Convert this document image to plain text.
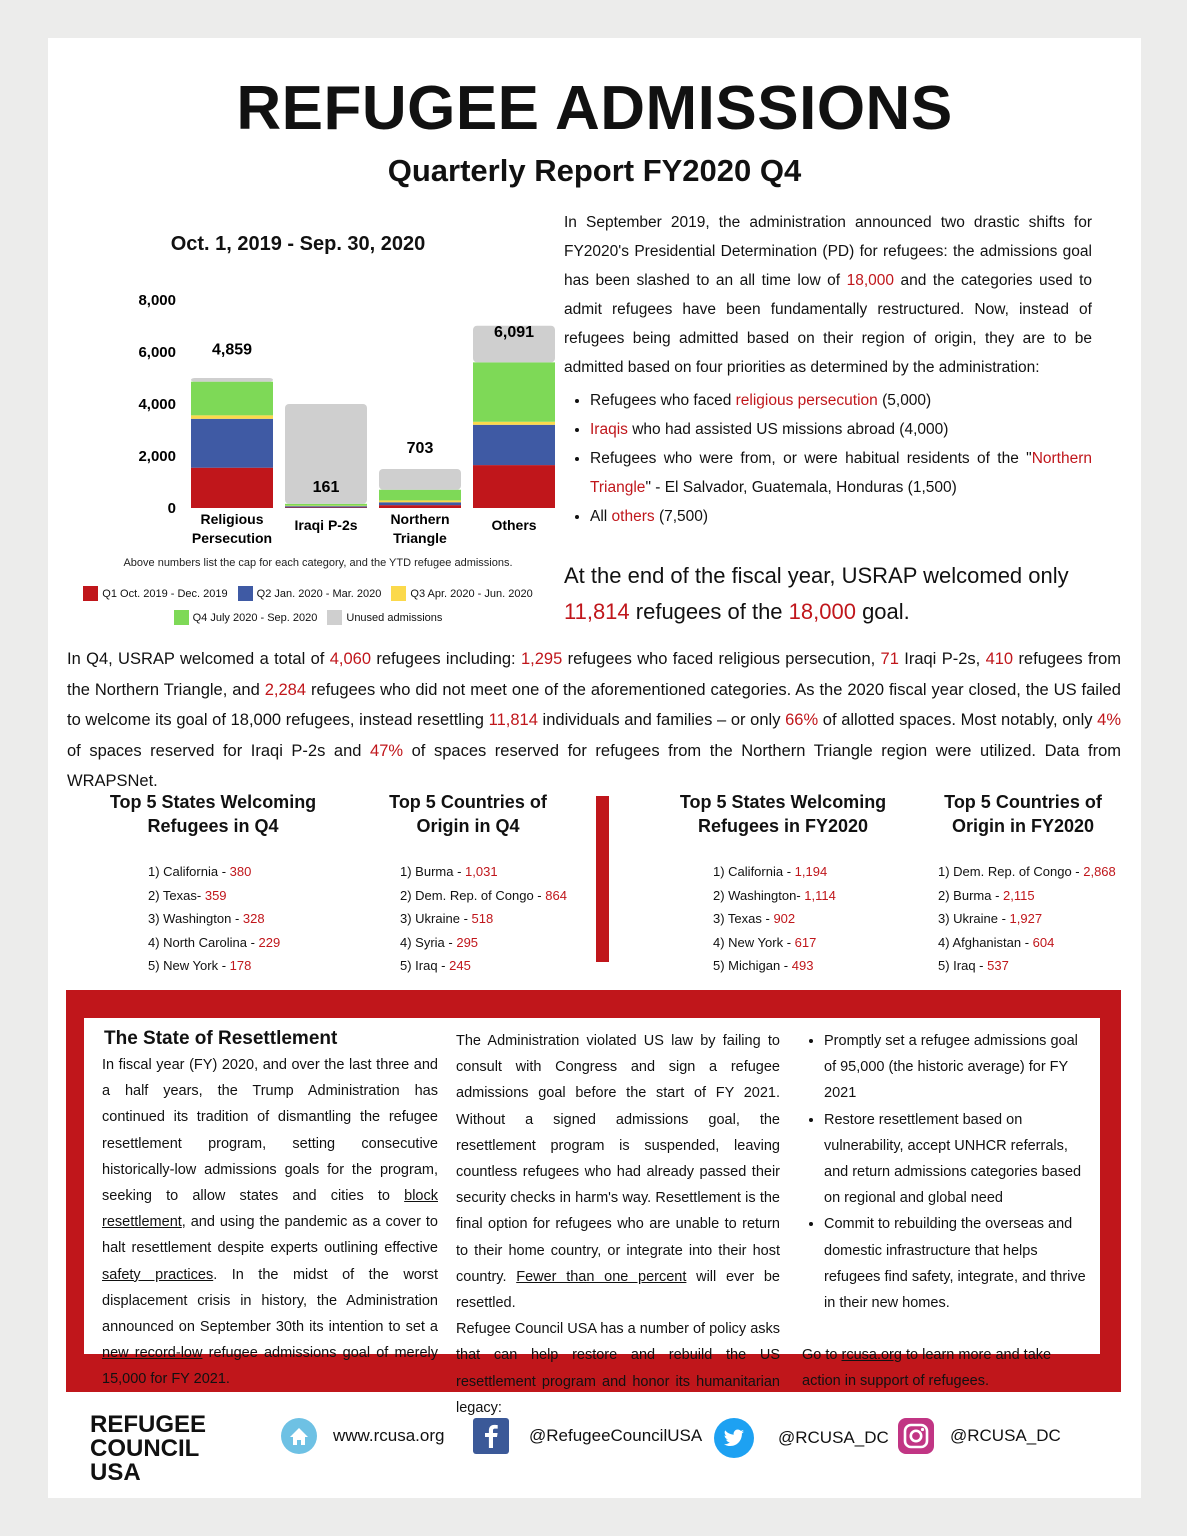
REFUGEE ADMISSIONS
Quarterly Report FY2020 Q4
Oct. 1, 2019 - Sep. 30, 2020
0
2,000
4,000
6,000
8,000
4,859
Religious
Persecution
161
Iraqi P-2s
703
Northern
Triangle
6,091
Others
Above numbers list the cap for each category, and the YTD refugee admissions.
Q1 Oct. 2019 - Dec. 2019	Q2 Jan. 2020 - Mar. 2020	Q3 Apr. 2020 - Jun. 2020
Q4 July 2020 - Sep. 2020	Unused admissions

In September 2019, the administration announced two drastic shifts for FY2020's Presidential Determination (PD) for refugees: the admissions goal has been slashed to an all time low of 18,000 and the categories used to admit refugees have been fundamentally restructured. Now, instead of refugees being admitted based on their region of origin, they are to be admitted based on four priorities as determined by the administration:

• Refugees who faced religious persecution (5,000)
• Iraqis who had assisted US missions abroad (4,000)
• Refugees who were from, or were habitual residents of the "Northern Triangle" - El Salvador, Guatemala, Honduras (1,500)
• All others (7,500)
At the end of the fiscal year, USRAP welcomed only 11,814 refugees of the 18,000 goal.
In Q4, USRAP welcomed a total of 4,060 refugees including: 1,295 refugees who faced religious persecution, 71 Iraqi P-2s, 410 refugees from the Northern Triangle, and 2,284 refugees who did not meet one of the aforementioned categories. As the 2020 fiscal year closed, the US failed to welcome its goal of 18,000 refugees, instead resettling 11,814 individuals and families – or only 66% of allotted spaces. Most notably, only 4% of spaces reserved for Iraqi P-2s and 47% of spaces reserved for refugees from the Northern Triangle region were utilized. Data from WRAPSNet.
Top 5 States Welcoming Refugees in Q4
1) California - 380
2) Texas- 359
3) Washington - 328
4) North Carolina - 229
5) New York - 178
Top 5 Countries of Origin in Q4
1) Burma - 1,031
2) Dem. Rep. of Congo - 864
3) Ukraine - 518
4) Syria - 295
5) Iraq - 245
Top 5 States Welcoming Refugees in FY2020
1) California - 1,194
2) Washington- 1,114
3) Texas - 902
4) New York - 617
5) Michigan - 493
Top 5 Countries of Origin in FY2020
1) Dem. Rep. of Congo - 2,868
2) Burma - 2,115
3) Ukraine - 1,927
4) Afghanistan - 604
5) Iraq - 537
The State of Resettlement

In fiscal year (FY) 2020, and over the last three and a half years, the Trump Administration has continued its tradition of dismantling the refugee resettlement program, setting consecutive historically-low admissions goals for the program, seeking to allow states and cities to block resettlement, and using the pandemic as a cover to halt resettlement despite experts outlining effective safety practices. In the midst of the worst displacement crisis in history, the Administration announced on September 30th its intention to set a new record-low refugee admissions goal of merely 15,000 for FY 2021.

The Administration violated US law by failing to consult with Congress and sign a refugee admissions goal before the start of FY 2021. Without a signed admissions goal, the resettlement program is suspended, leaving countless refugees who had already passed their security checks in harm's way. Resettlement is the final option for refugees who are unable to return to their home country, or integrate into their host country. Fewer than one percent will ever be resettled.

Refugee Council USA has a number of policy asks that can help restore and rebuild the US resettlement program and honor its humanitarian legacy:

• Promptly set a refugee admissions goal of 95,000 (the historic average) for FY 2021
• Restore resettlement based on vulnerability, accept UNHCR referrals, and return admissions categories based on regional and global need
• Commit to rebuilding the overseas and domestic infrastructure that helps refugees find safety, integrate, and thrive in their new homes.

Go to rcusa.org to learn more and take action in support of refugees.

REFUGEE
COUNCIL
USA
www.rcusa.org	@RefugeeCouncilUSA	@RCUSA_DC	@RCUSA_DC
